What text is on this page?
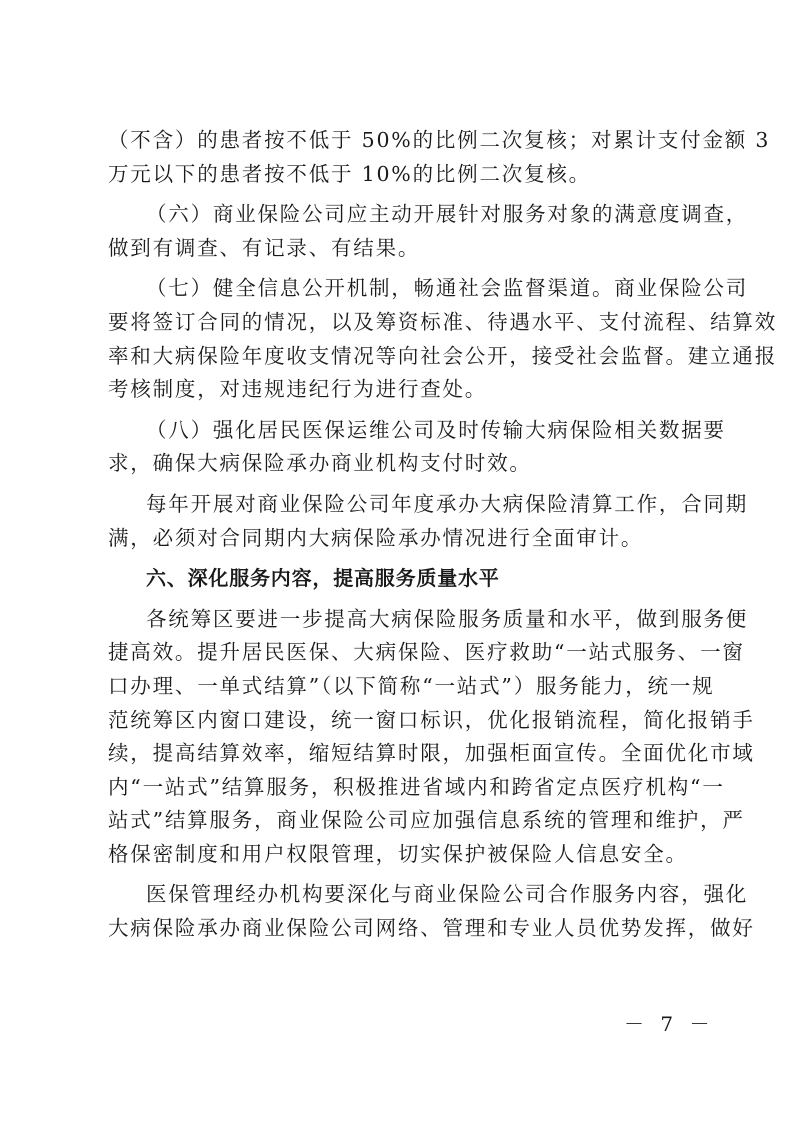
（不含）的患者按不低于 50%的比例二次复核；对累计支付金额 3
万元以下的患者按不低于 10%的比例二次复核。
（六）商业保险公司应主动开展针对服务对象的满意度调查，
做到有调查、有记录、有结果。
（七）健全信息公开机制，畅通社会监督渠道。商业保险公司
要将签订合同的情况，以及筹资标准、待遇水平、支付流程、结算效
率和大病保险年度收支情况等向社会公开，接受社会监督。建立通报
考核制度，对违规违纪行为进行查处。
（八）强化居民医保运维公司及时传输大病保险相关数据要
求，确保大病保险承办商业机构支付时效。
每年开展对商业保险公司年度承办大病保险清算工作，合同期
满，必须对合同期内大病保险承办情况进行全面审计。
六、深化服务内容，提高服务质量水平
各统筹区要进一步提高大病保险服务质量和水平，做到服务便
捷高效。提升居民医保、大病保险、医疗救助“一站式服务、一窗
口办理、一单式结算”（以下简称“一站式”）服务能力，统一规
范统筹区内窗口建设，统一窗口标识，优化报销流程，简化报销手
续，提高结算效率，缩短结算时限，加强柜面宣传。全面优化市域
内“一站式”结算服务，积极推进省域内和跨省定点医疗机构“一
站式”结算服务，商业保险公司应加强信息系统的管理和维护，严
格保密制度和用户权限管理，切实保护被保险人信息安全。
医保管理经办机构要深化与商业保险公司合作服务内容，强化
大病保险承办商业保险公司网络、管理和专业人员优势发挥，做好
－ 7 －
